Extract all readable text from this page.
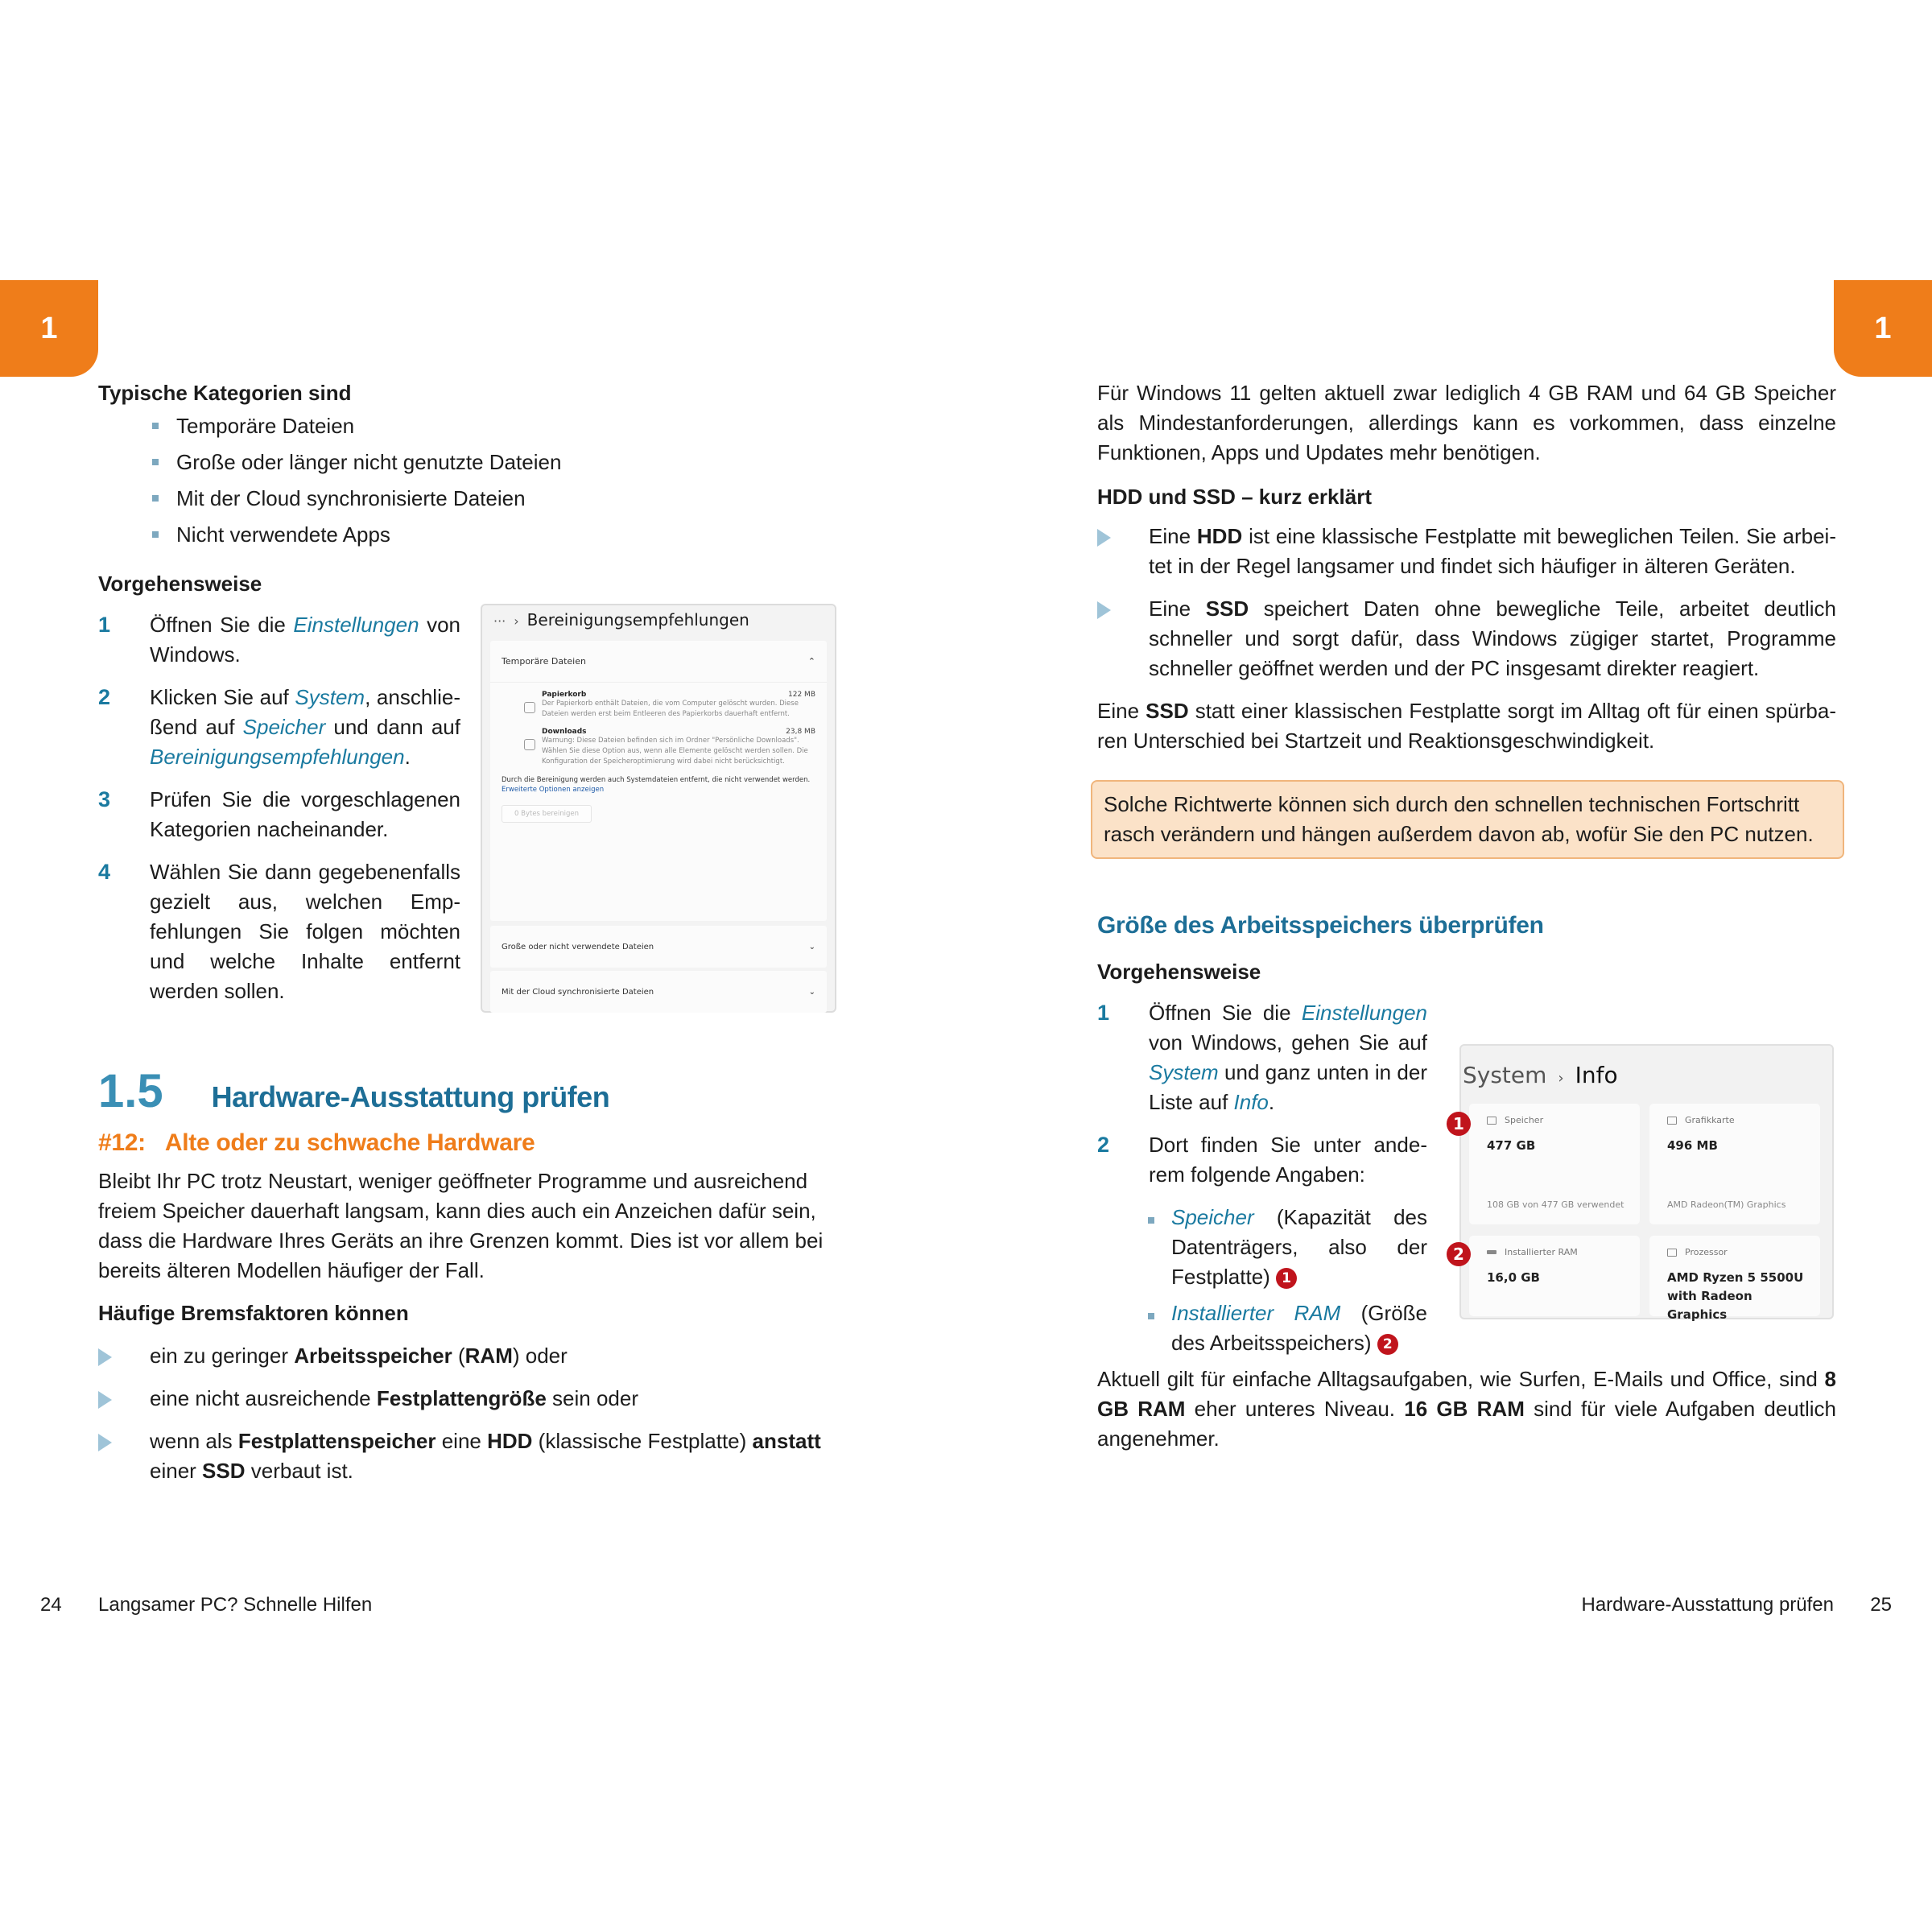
1	1
Typische Kategorien sind
Temporäre Dateien
Große oder länger nicht genutzte Dateien
Mit der Cloud synchronisierte Dateien
Nicht verwendete Apps
Vorgehensweise
1	Öffnen Sie die Einstellungen von Windows.
2	Klicken Sie auf System, anschließend auf Speicher und dann auf Bereinigungsempfehlungen.
3	Prüfen Sie die vorgeschlagenen Kategorien nacheinander.
4	Wählen Sie dann gegebenenfalls gezielt aus, welchen Empfehlungen Sie folgen möchten und welche Inhalte entfernt werden sollen.
1.5 Hardware-Ausstattung prüfen
#12: Alte oder zu schwache Hardware

Bleibt Ihr PC trotz Neustart, weniger geöffneter Programme und ausreichend freiem Speicher dauerhaft langsam, kann dies auch ein Anzeichen dafür sein, dass die Hardware Ihres Geräts an ihre Grenzen kommt. Dies ist vor allem bei bereits älteren Modellen häufiger der Fall.

Häufige Bremsfaktoren können
ein zu geringer Arbeitsspeicher (RAM) oder
eine nicht ausreichende Festplattengröße sein oder
wenn als Festplattenspeicher eine HDD (klassische Festplatte) anstatt einer SSD verbaut ist.
··· › Bereinigungsempfehlungen
Temporäre Dateien	⌃
Papierkorb	122 MB
Der Papierkorb enthält Dateien, die vom Computer gelöscht wurden. Diese Dateien werden erst beim Entleeren des Papierkorbs dauerhaft entfernt.
Downloads	23,8 MB
Warnung: Diese Dateien befinden sich im Ordner "Persönliche Downloads". Wählen Sie diese Option aus, wenn alle Elemente gelöscht werden sollen. Die Konfiguration der Speicheroptimierung wird dabei nicht berücksichtigt.
Durch die Bereinigung werden auch Systemdateien entfernt, die nicht verwendet werden.
Erweiterte Optionen anzeigen
0 Bytes bereinigen
Große oder nicht verwendete Dateien	⌄
Mit der Cloud synchronisierte Dateien	⌄

Für Windows 11 gelten aktuell zwar lediglich 4 GB RAM und 64 GB Speicher als Mindestanforderungen, allerdings kann es vorkommen, dass einzelne Funktionen, Apps und Updates mehr benötigen.

HDD und SSD – kurz erklärt
Eine HDD ist eine klassische Festplatte mit beweglichen Teilen. Sie arbeitet in der Regel langsamer und findet sich häufiger in älteren Geräten.
Eine SSD speichert Daten ohne bewegliche Teile, arbeitet deutlich schneller und sorgt dafür, dass Windows zügiger startet, Programme schneller geöffnet werden und der PC insgesamt direkter reagiert.

Eine SSD statt einer klassischen Festplatte sorgt im Alltag oft für einen spürbaren Unterschied bei Startzeit und Reaktionsgeschwindigkeit.

Solche Richtwerte können sich durch den schnellen technischen Fortschritt rasch verändern und hängen außerdem davon ab, wofür Sie den PC nutzen.
Größe des Arbeitsspeichers überprüfen
Vorgehensweise
1	Öffnen Sie die Einstellungen von Windows, gehen Sie auf System und ganz unten in der Liste auf Info.
2	Dort finden Sie unter anderem folgende Angaben:
Speicher (Kapazität des Datenträgers, also der Festplatte) 1
Installierter RAM (Größe des Arbeitsspeichers) 2

Aktuell gilt für einfache Alltagsaufgaben, wie Surfen, E-Mails und Office, sind 8 GB RAM eher unteres Niveau. 16 GB RAM sind für viele Aufgaben deutlich angenehmer.

System › Info
Speicher
477 GB
108 GB von 477 GB verwendet
Grafikkarte
496 MB
AMD Radeon(TM) Graphics
Installierter RAM
16,0 GB
Prozessor
AMD Ryzen 5 5500U with Radeon Graphics
1
2
24 Langsamer PC? Schnelle Hilfen	Hardware-Ausstattung prüfen 25
